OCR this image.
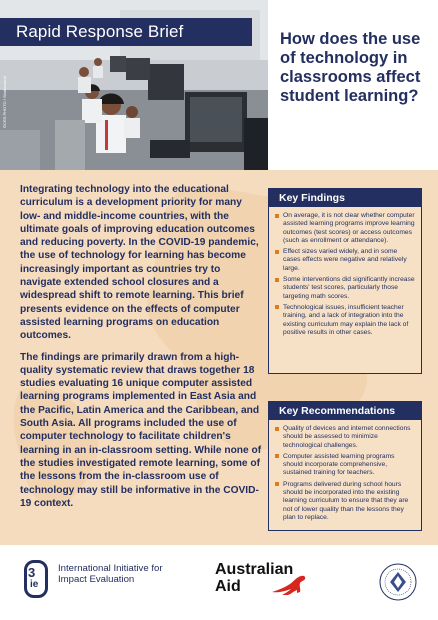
Rapid Response Brief
©CRS PHOTO / Shutterstock
How does the use of technology in classrooms affect student learning?

Integrating technology into the educational curriculum is a development priority for many low- and middle-income countries, with the ultimate goals of improving education outcomes and reducing poverty. In the COVID-19 pandemic, the use of technology for learning has become increasingly important as countries try to navigate extended school closures and a widespread shift to remote learning. This brief presents evidence on the effects of computer assisted learning programs on education outcomes.

The findings are primarily drawn from a high-quality systematic review that draws together 18 studies evaluating 16 unique computer assisted learning programs implemented in East Asia and the Pacific, Latin America and the Caribbean, and South Asia. All programs included the use of computer technology to facilitate children's learning in an in-classroom setting. While none of the studies investigated remote learning, some of the lessons from the in-classroom use of technology may still be informative in the COVID-19 context.

Key Findings
On average, it is not clear whether computer assisted learning programs improve learning outcomes (test scores) or access outcomes (such as enrollment or attendance).
Effect sizes varied widely, and in some cases effects were negative and relatively large.
Some interventions did significantly increase students' test scores, particularly those targeting math scores.
Technological issues, insufficient teacher training, and a lack of integration into the existing curriculum may explain the lack of positive results in other cases.
Key Recommendations
Quality of devices and internet connections should be assessed to minimize technological challenges.
Computer assisted learning programs should incorporate comprehensive, sustained training for teachers.
Programs delivered during school hours should be incorporated into the existing learning curriculum to ensure that they are not of lower quality than the lessons they plan to replace.
3
ie
International Initiative for Impact Evaluation
Australian Aid
